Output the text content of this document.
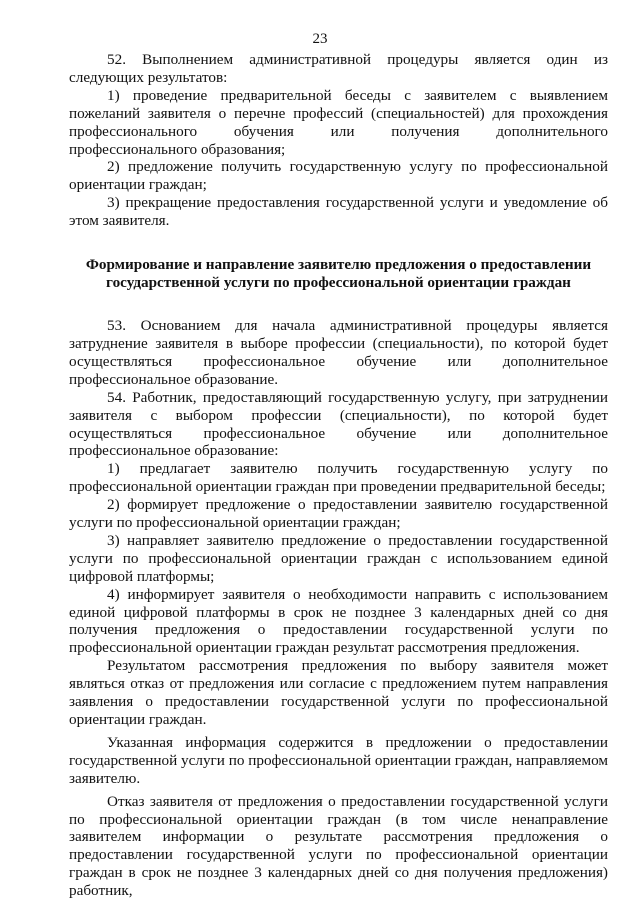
23

52. Выполнением административной процедуры является один из следующих результатов:

1) проведение предварительной беседы с заявителем с выявлением пожеланий заявителя о перечне профессий (специальностей) для прохождения профессионального обучения или получения дополнительного профессионального образования;

2) предложение получить государственную услугу по профессиональной ориентации граждан;

3) прекращение предоставления государственной услуги и уведомление об этом заявителя.

Формирование и направление заявителю предложения о предоставлении
государственной услуги по профессиональной ориентации граждан

53. Основанием для начала административной процедуры является затруднение заявителя в выборе профессии (специальности), по которой будет осуществляться профессиональное обучение или дополнительное профессиональное образование.

54. Работник, предоставляющий государственную услугу, при затруднении заявителя с выбором профессии (специальности), по которой будет осуществляться профессиональное обучение или дополнительное профессиональное образование:

1) предлагает заявителю получить государственную услугу по профессиональной ориентации граждан при проведении предварительной беседы;

2) формирует предложение о предоставлении заявителю государственной услуги по профессиональной ориентации граждан;

3) направляет заявителю предложение о предоставлении государственной услуги по профессиональной ориентации граждан с использованием единой цифровой платформы;

4) информирует заявителя о необходимости направить с использованием единой цифровой платформы в срок не позднее 3 календарных дней со дня получения предложения о предоставлении государственной услуги по профессиональной ориентации граждан результат рассмотрения предложения.

Результатом рассмотрения предложения по выбору заявителя может являться отказ от предложения или согласие с предложением путем направления заявления о предоставлении государственной услуги по профессиональной ориентации граждан.

Указанная информация содержится в предложении о предоставлении государственной услуги по профессиональной ориентации граждан, направляемом заявителю.

Отказ заявителя от предложения о предоставлении государственной услуги по профессиональной ориентации граждан (в том числе ненаправление заявителем информации о результате рассмотрения предложения о предоставлении государственной услуги по профессиональной ориентации граждан в срок не позднее 3 календарных дней со дня получения предложения) работник,
